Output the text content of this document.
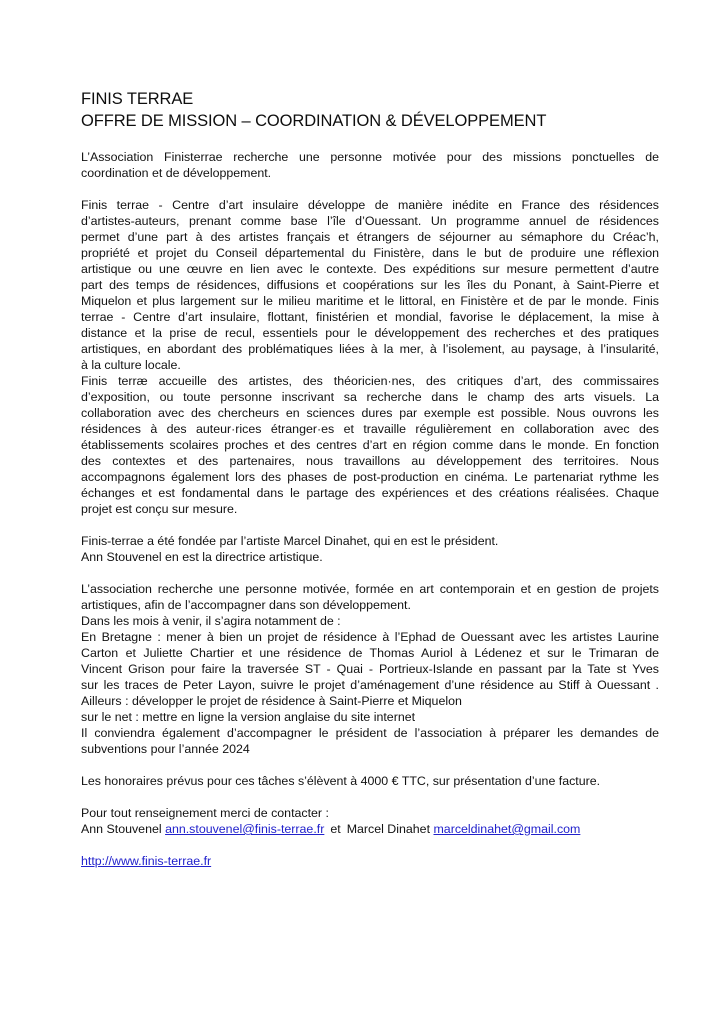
FINIS TERRAE
OFFRE DE MISSION – COORDINATION & DÉVELOPPEMENT
L’Association Finisterrae recherche une personne motivée pour des missions ponctuelles de
coordination et de développement.
Finis terrae - Centre d’art insulaire développe de manière inédite en France des résidences
d’artistes-auteurs, prenant comme base l’île d’Ouessant. Un programme annuel de résidences
permet d’une part à des artistes français et étrangers de séjourner au sémaphore du Créac’h,
propriété et projet du Conseil départemental du Finistère, dans le but de produire une réflexion
artistique ou une œuvre en lien avec le contexte. Des expéditions sur mesure permettent d’autre
part des temps de résidences, diffusions et coopérations sur les îles du Ponant, à Saint-Pierre et
Miquelon et plus largement sur le milieu maritime et le littoral, en Finistère et de par le monde. Finis
terrae - Centre d’art insulaire, flottant, finistérien et mondial, favorise le déplacement, la mise à
distance et la prise de recul, essentiels pour le développement des recherches et des pratiques
artistiques, en abordant des problématiques liées à la mer, à l’isolement, au paysage, à l’insularité,
à la culture locale.
Finis terræ accueille des artistes, des théoricien·nes, des critiques d’art, des commissaires
d’exposition, ou toute personne inscrivant sa recherche dans le champ des arts visuels. La
collaboration avec des chercheurs en sciences dures par exemple est possible. Nous ouvrons les
résidences à des auteur·rices étranger·es et travaille régulièrement en collaboration avec des
établissements scolaires proches et des centres d’art en région comme dans le monde. En fonction
des contextes et des partenaires, nous travaillons au développement des territoires. Nous
accompagnons également lors des phases de post-production en cinéma. Le partenariat rythme les
échanges et est fondamental dans le partage des expériences et des créations réalisées. Chaque
projet est conçu sur mesure.
Finis-terrae a été fondée par l’artiste Marcel Dinahet, qui en est le président.
Ann Stouvenel en est la directrice artistique.
L’association recherche une personne motivée, formée en art contemporain et en gestion de projets
artistiques, afin de l’accompagner dans son développement.
Dans les mois à venir, il s’agira notamment de :
En Bretagne : mener à bien un projet de résidence à l’Ephad de Ouessant avec les artistes Laurine
Carton et Juliette Chartier et une résidence de Thomas Auriol à Lédenez et sur le Trimaran de
Vincent Grison pour faire la traversée ST - Quai - Portrieux-Islande en passant par la Tate st Yves
sur les traces de Peter Layon, suivre le projet d’aménagement d’une résidence au Stiff à Ouessant .
Ailleurs : développer le projet de résidence à Saint-Pierre et Miquelon
sur le net : mettre en ligne la version anglaise du site internet
Il conviendra également d’accompagner le président de l’association à préparer les demandes de
subventions pour l’année 2024
Les honoraires prévus pour ces tâches s’élèvent à 4000 € TTC, sur présentation d’une facture.
Pour tout renseignement merci de contacter :
Ann Stouvenel ann.stouvenel@finis-terrae.fr et Marcel Dinahet marceldinahet@gmail.com
http://www.finis-terrae.fr
